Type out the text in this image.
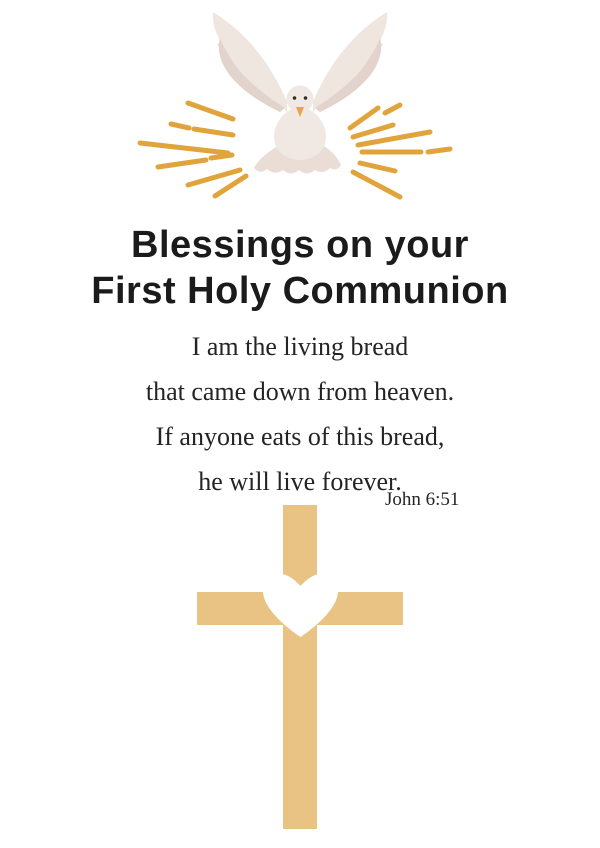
Blessings on your
First Holy Communion
I am the living bread
that came down from heaven.
If anyone eats of this bread,
he will live forever.
John 6:51
